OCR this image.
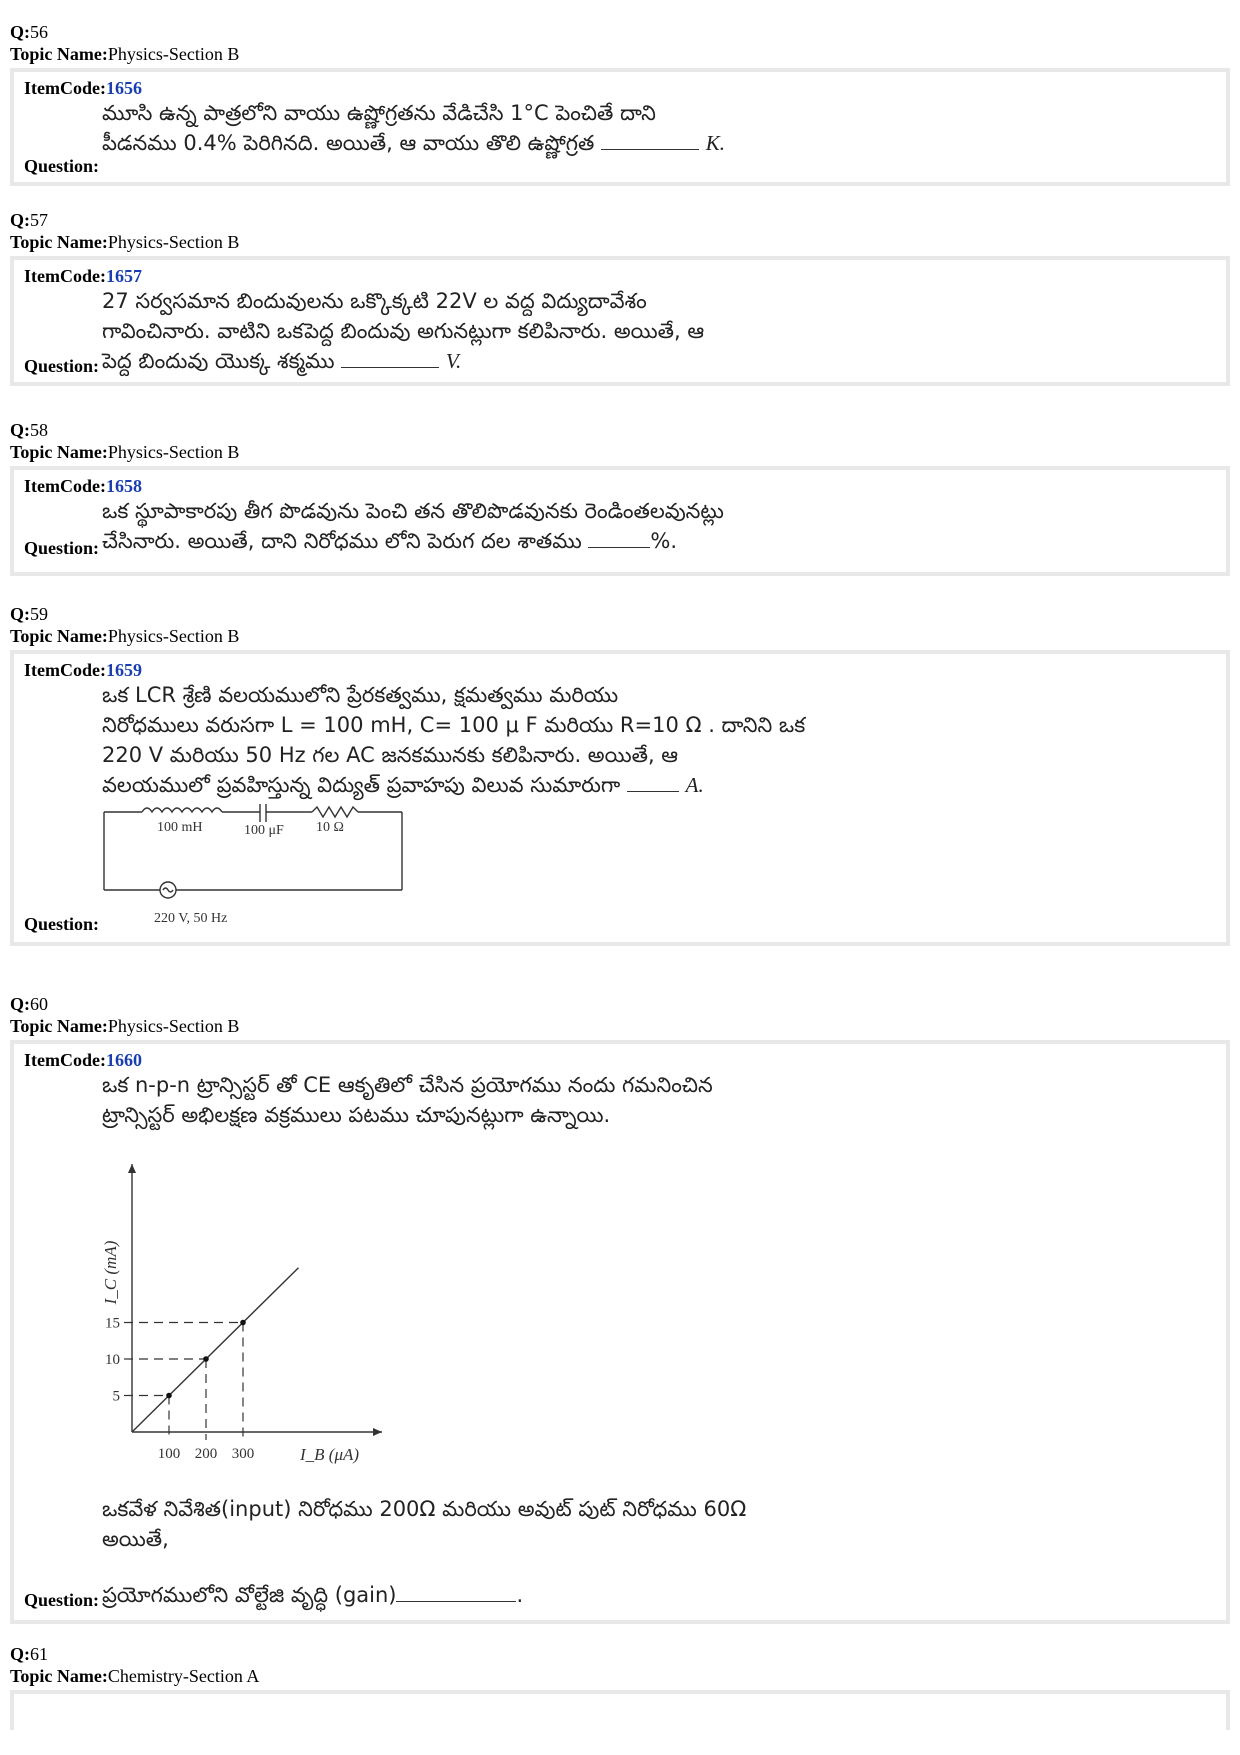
Q:56
Topic Name:Physics-Section B
ItemCode:1656
మూసి ఉన్న పాత్రలోని వాయు ఉష్ణోగ్రతను వేడిచేసి 1°C పెంచితే దాని
పీడనము 0.4% పెరిగినది. అయితే, ఆ వాయు తొలి ఉష్ణోగ్రత	K.
Question:
Q:57
Topic Name:Physics-Section B
ItemCode:1657
27 సర్వసమాన బిందువులను ఒక్కొక్కటి 22V ల వద్ద విద్యుదావేశం
గావించినారు. వాటిని ఒకపెద్ద బిందువు అగునట్లుగా కలిపినారు. అయితే, ఆ
పెద్ద బిందువు యొక్క శక్మము	V.
Question:
Q:58
Topic Name:Physics-Section B
ItemCode:1658
ఒక స్థూపాకారపు తీగ పొడవును పెంచి తన తొలిపొడవునకు రెండింతలవునట్లు
చేసినారు. అయితే, దాని నిరోధము లోని పెరుగ దల శాతము	%.
Question:
Q:59
Topic Name:Physics-Section B
ItemCode:1659
ఒక LCR శ్రేణి వలయములోని ప్రేరకత్వము, క్షమత్వము మరియు
నిరోధములు వరుసగా L = 100 mH, C= 100 μ F మరియు R=10 Ω . దానిని ఒక
220 V మరియు 50 Hz గల AC జనకమునకు కలిపినారు. అయితే, ఆ
వలయములో ప్రవహిస్తున్న విద్యుత్ ప్రవాహపు విలువ సుమారుగా	A.
100 mH	100 μF 10 Ω
220 V, 50 Hz
Question:
Q:60
Topic Name:Physics-Section B
ItemCode:1660
ఒక n-p-n ట్రాన్సిస్టర్ తో CE ఆకృతిలో చేసిన ప్రయోగము నందు గమనించిన
ట్రాన్సిస్టర్ అభిలక్షణ వక్రములు పటము చూపునట్లుగా ఉన్నాయి.
100
5
200
10
300
15
I_B (μA)
I_C (mA)
ఒకవేళ నివేశిత(input) నిరోధము 200Ω మరియు అవుట్ పుట్ నిరోధము 60Ω
అయితే,
ప్రయోగములోని వోల్టేజి వృద్ధి (gain)	.
Question:
Q:61
Topic Name:Chemistry-Section A
